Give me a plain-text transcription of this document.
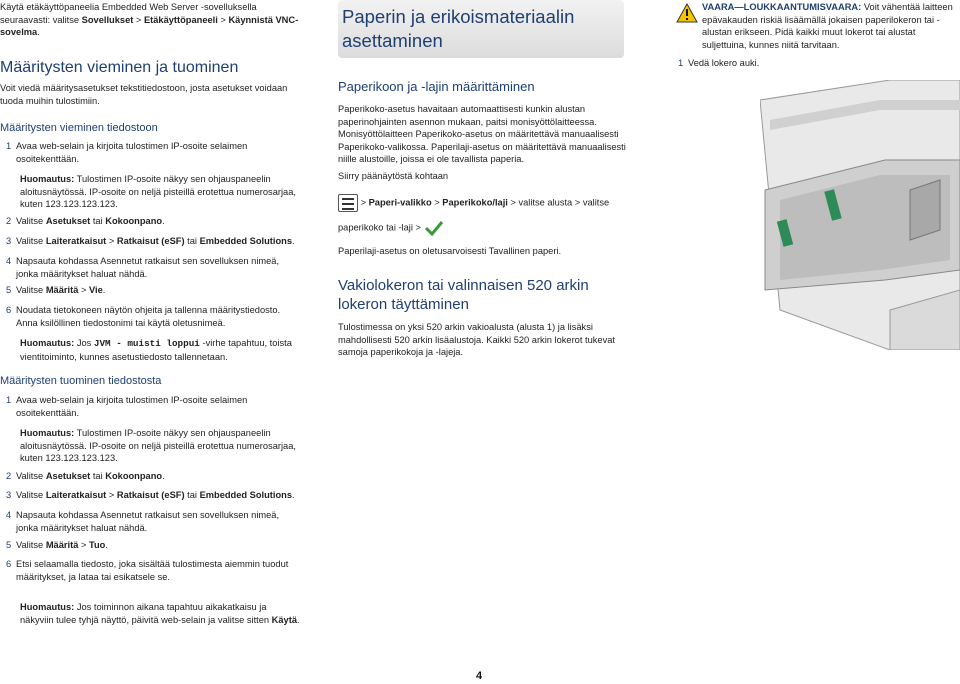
Käytä etäkäyttöpaneelia Embedded Web Server -sovelluksella seuraavasti: valitse Sovellukset > Etäkäyttöpaneeli > Käynnistä VNC-sovelma.

Määritysten vieminen ja tuominen

Voit viedä määritysasetukset tekstitiedostoon, josta asetukset voidaan tuoda muihin tulostimiin.

Määritysten vieminen tiedostoon

1 Avaa web-selain ja kirjoita tulostimen IP-osoite selaimen osoitekenttään.

Huomautus: Tulostimen IP-osoite näkyy sen ohjauspaneelin aloitusnäytössä. IP-osoite on neljä pisteillä erotettua numerosarjaa, kuten 123.123.123.123.

2 Valitse Asetukset tai Kokoonpano.
3 Valitse Laiteratkaisut > Ratkaisut (eSF) tai Embedded Solutions.
4 Napsauta kohdassa Asennetut ratkaisut sen sovelluksen nimeä, jonka määritykset haluat nähdä.
5 Valitse Määritä > Vie.
6 Noudata tietokoneen näytön ohjeita ja tallenna määritystiedosto. Anna ksilöllinen tiedostonimi tai käytä oletusnimeä.

Huomautus: Jos JVM - muisti loppui -virhe tapahtuu, toista vientitoiminto, kunnes asetustiedosto tallennetaan.

Määritysten tuominen tiedostosta

1 Avaa web-selain ja kirjoita tulostimen IP-osoite selaimen osoitekenttään.

Huomautus: Tulostimen IP-osoite näkyy sen ohjauspaneelin aloitusnäytössä. IP-osoite on neljä pisteillä erotettua numerosarjaa, kuten 123.123.123.123.

2 Valitse Asetukset tai Kokoonpano.
3 Valitse Laiteratkaisut > Ratkaisut (eSF) tai Embedded Solutions.
4 Napsauta kohdassa Asennetut ratkaisut sen sovelluksen nimeä, jonka määritykset haluat nähdä.
5 Valitse Määritä > Tuo.
6 Etsi selaamalla tiedosto, joka sisältää tulostimesta aiemmin tuodut määritykset, ja lataa tai esikatsele se.

Huomautus: Jos toiminnon aikana tapahtuu aikakatkaisu ja näkyviin tulee tyhjä näyttö, päivitä web-selain ja valitse sitten Käytä.

Paperin ja erikoismateriaalin asettaminen

Paperikoon ja -lajin määrittäminen

Paperikoko-asetus havaitaan automaattisesti kunkin alustan paperinohjainten asennon mukaan, paitsi monisyöttölaitteessa. Monisyöttölaitteen Paperikoko-asetus on määritettävä manuaalisesti Paperikoko-valikossa. Paperilaji-asetus on määritettävä manuaalisesti niille alustoille, joissa ei ole tavallista paperia.

Siirry päänäytöstä kohtaan

> Paperi-valikko > Paperikoko/laji > valitse alusta > valitse
paperikoko tai -laji >

Paperilaji-asetus on oletusarvoisesti Tavallinen paperi.

Vakiolokeron tai valinnaisen 520 arkin lokeron täyttäminen

Tulostimessa on yksi 520 arkin vakioalusta (alusta 1) ja lisäksi mahdollisesti 520 arkin lisäalustoja. Kaikki 520 arkin lokerot tukevat samoja paperikokoja ja -lajeja.

VAARA—LOUKKAANTUMISVAARA: Voit vähentää laitteen epävakauden riskiä lisäämällä jokaisen paperilokeron tai -alustan erikseen. Pidä kaikki muut lokerot tai alustat suljettuina, kunnes niitä tarvitaan.

1 Vedä lokero auki.
4
